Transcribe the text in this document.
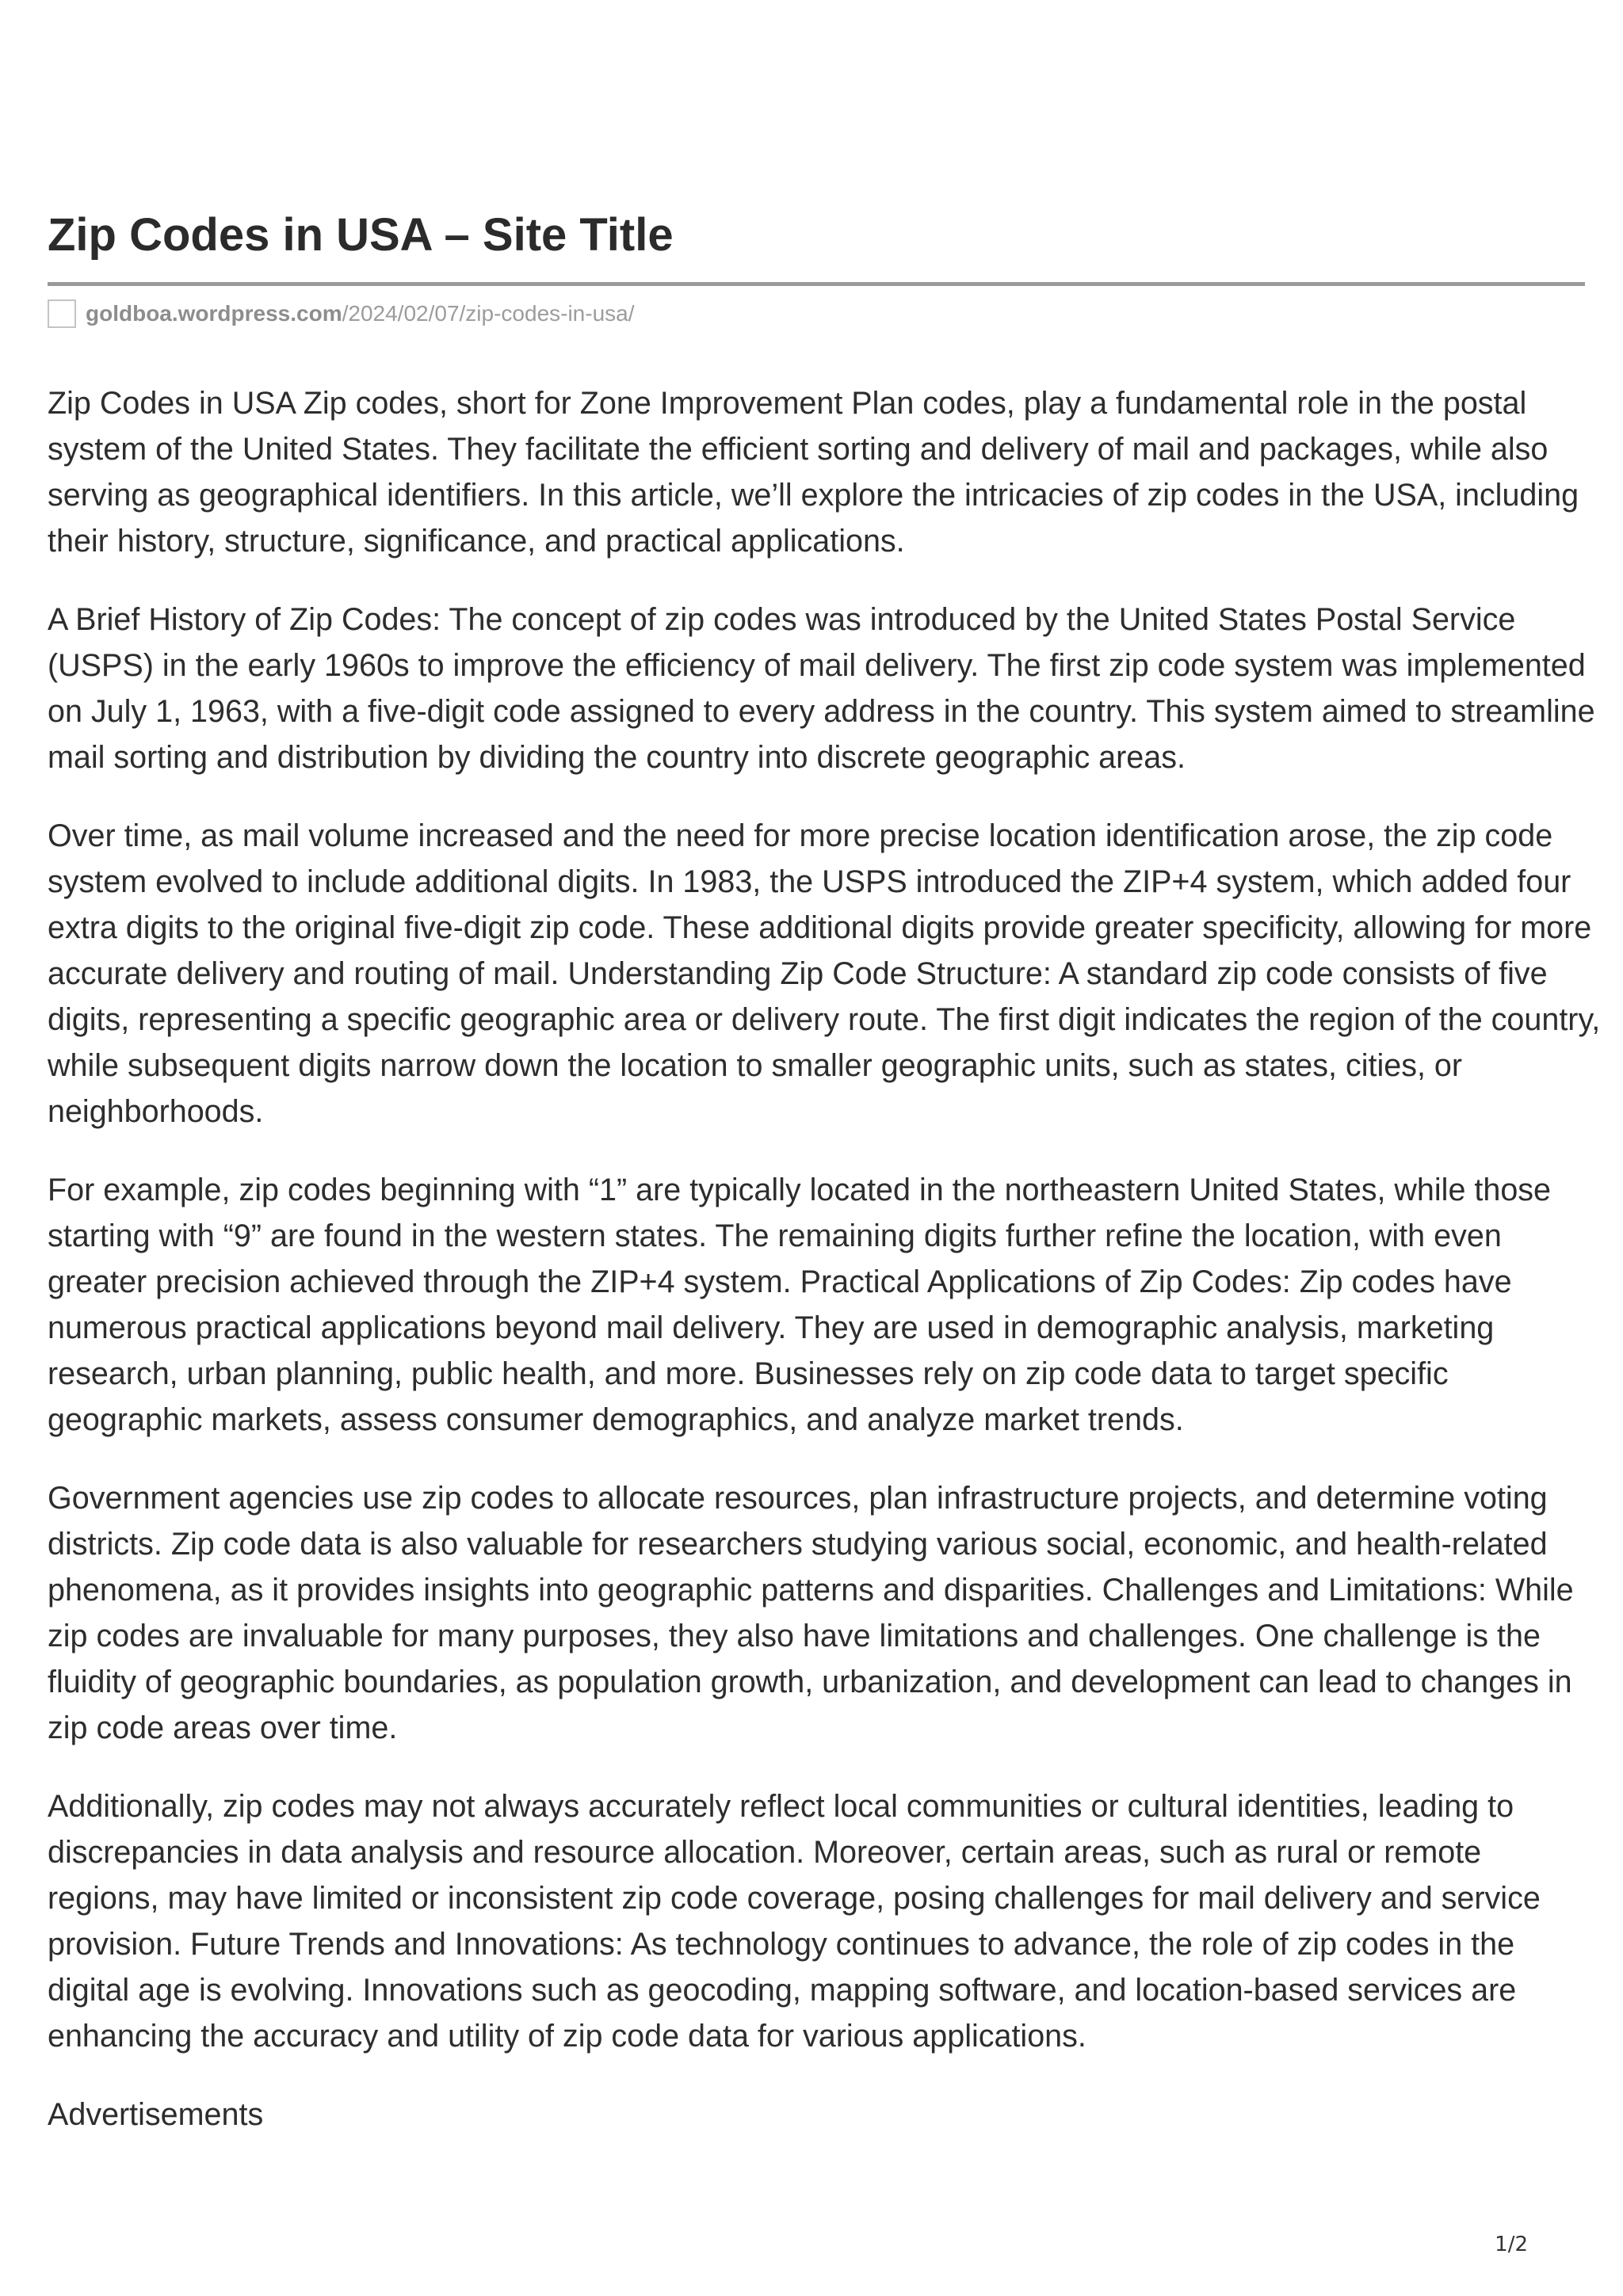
Zip Codes in USA – Site Title
goldboa.wordpress.com/2024/02/07/zip-codes-in-usa/

Zip Codes in USA Zip codes, short for Zone Improvement Plan codes, play a fundamental role in the postal system of the United States. They facilitate the efficient sorting and delivery of mail and packages, while also serving as geographical identifiers. In this article, we’ll explore the intricacies of zip codes in the USA, including their history, structure, significance, and practical applications.

A Brief History of Zip Codes: The concept of zip codes was introduced by the United States Postal Service (USPS) in the early 1960s to improve the efficiency of mail delivery. The first zip code system was implemented on July 1, 1963, with a five-digit code assigned to every address in the country. This system aimed to streamline mail sorting and distribution by dividing the country into discrete geographic areas.

Over time, as mail volume increased and the need for more precise location identification arose, the zip code system evolved to include additional digits. In 1983, the USPS introduced the ZIP+4 system, which added four extra digits to the original five-digit zip code. These additional digits provide greater specificity, allowing for more accurate delivery and routing of mail. Understanding Zip Code Structure: A standard zip code consists of five digits, representing a specific geographic area or delivery route. The first digit indicates the region of the country, while subsequent digits narrow down the location to smaller geographic units, such as states, cities, or neighborhoods.

For example, zip codes beginning with “1” are typically located in the northeastern United States, while those starting with “9” are found in the western states. The remaining digits further refine the location, with even greater precision achieved through the ZIP+4 system. Practical Applications of Zip Codes: Zip codes have numerous practical applications beyond mail delivery. They are used in demographic analysis, marketing research, urban planning, public health, and more. Businesses rely on zip code data to target specific geographic markets, assess consumer demographics, and analyze market trends.

Government agencies use zip codes to allocate resources, plan infrastructure projects, and determine voting districts. Zip code data is also valuable for researchers studying various social, economic, and health-related phenomena, as it provides insights into geographic patterns and disparities. Challenges and Limitations: While zip codes are invaluable for many purposes, they also have limitations and challenges. One challenge is the fluidity of geographic boundaries, as population growth, urbanization, and development can lead to changes in zip code areas over time.

Additionally, zip codes may not always accurately reflect local communities or cultural identities, leading to discrepancies in data analysis and resource allocation. Moreover, certain areas, such as rural or remote regions, may have limited or inconsistent zip code coverage, posing challenges for mail delivery and service provision. Future Trends and Innovations: As technology continues to advance, the role of zip codes in the digital age is evolving. Innovations such as geocoding, mapping software, and location-based services are enhancing the accuracy and utility of zip code data for various applications.

Advertisements

1/2
